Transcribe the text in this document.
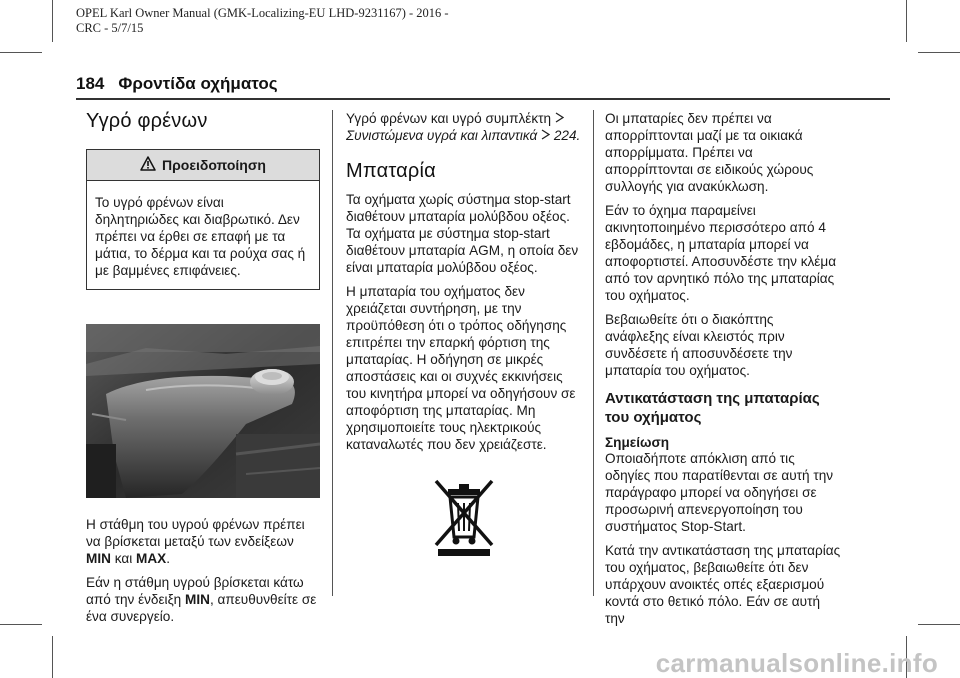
OPEL Karl Owner Manual (GMK-Localizing-EU LHD-9231167) - 2016 -
CRC - 5/7/15
184 Φροντίδα οχήματος
Υγρό φρένων
Προειδοποίηση
Το υγρό φρένων είναι δηλητηριώδες και διαβρωτικό. Δεν πρέπει να έρθει σε επαφή με τα μάτια, το δέρμα και τα ρούχα σας ή με βαμμένες επιφάνειες.

Η στάθμη του υγρού φρένων πρέπει να βρίσκεται μεταξύ των ενδείξεων MIN και MAX.

Εάν η στάθμη υγρού βρίσκεται κάτω από την ένδειξη MIN, απευθυνθείτε σε ένα συνεργείο.

Υγρό φρένων και υγρό συμπλέκτη
Συνιστώμενα υγρά και λιπαντικά  224.

Μπαταρία

Τα οχήματα χωρίς σύστημα stop-start διαθέτουν μπαταρία μολύβδου οξέος. Τα οχήματα με σύστημα stop-start διαθέτουν μπαταρία AGM, η οποία δεν είναι μπαταρία μολύβδου οξέος.

Η μπαταρία του οχήματος δεν χρειάζεται συντήρηση, με την προϋπόθεση ότι ο τρόπος οδήγησης επιτρέπει την επαρκή φόρτιση της μπαταρίας. Η οδήγηση σε μικρές αποστάσεις και οι συχνές εκκινήσεις του κινητήρα μπορεί να οδηγήσουν σε αποφόρτιση της μπαταρίας. Μη χρησιμοποιείτε τους ηλεκτρικούς καταναλωτές που δεν χρειάζεστε.

Οι μπαταρίες δεν πρέπει να απορρίπτονται μαζί με τα οικιακά απορρίμματα. Πρέπει να απορρίπτονται σε ειδικούς χώρους συλλογής για ανακύκλωση.

Εάν το όχημα παραμείνει ακινητοποιημένο περισσότερο από 4 εβδομάδες, η μπαταρία μπορεί να αποφορτιστεί. Αποσυνδέστε την κλέμα από τον αρνητικό πόλο της μπαταρίας του οχήματος.

Βεβαιωθείτε ότι ο διακόπτης ανάφλεξης είναι κλειστός πριν συνδέσετε ή αποσυνδέσετε την μπαταρία του οχήματος.

Αντικατάσταση της μπαταρίας του οχήματος
Σημείωση

Οποιαδήποτε απόκλιση από τις οδηγίες που παρατίθενται σε αυτή την παράγραφο μπορεί να οδηγήσει σε προσωρινή απενεργοποίηση του συστήματος Stop-Start.

Κατά την αντικατάσταση της μπαταρίας του οχήματος, βεβαιωθείτε ότι δεν υπάρχουν ανοικτές οπές εξαερισμού κοντά στο θετικό πόλο. Εάν σε αυτή την

carmanualsonline.info
